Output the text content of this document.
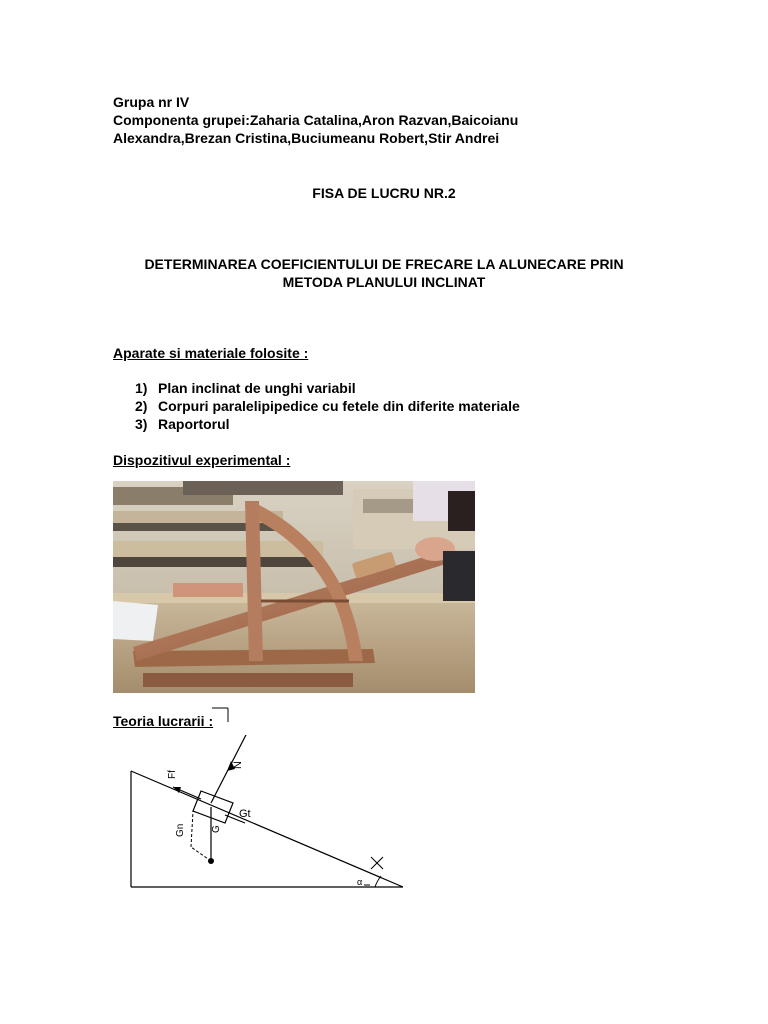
Grupa nr IV
Componenta grupei:Zaharia Catalina,Aron Razvan,Baicoianu
Alexandra,Brezan Cristina,Buciumeanu Robert,Stir Andrei
FISA DE LUCRU NR.2
DETERMINAREA COEFICIENTULUI DE FRECARE LA ALUNECARE PRIN
METODA PLANULUI INCLINAT
Aparate si materiale folosite :
1) Plan inclinat de unghi variabil
2) Corpuri paralelipipedice cu fetele din diferite materiale
3) Raportorul
Dispozitivul experimental :
Teoria lucrarii :
N
Ff
Gt
Gn	G
α
